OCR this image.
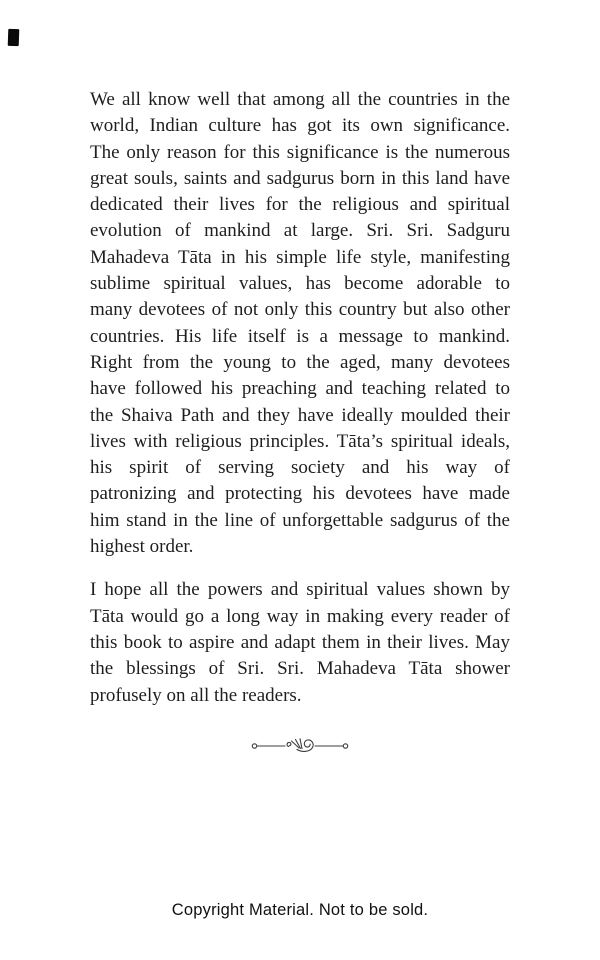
We all know well that among all the countries in the
world, Indian culture has got its own significance.
The only reason for this significance is the numerous
great souls, saints and sadgurus born in this land have
dedicated their lives for the religious and spiritual
evolution of mankind at large. Sri. Sri. Sadguru
Mahadeva Tāta in his simple life style, manifesting
sublime spiritual values, has become adorable to
many devotees of not only this country but also other
countries. His life itself is a message to mankind.
Right from the young to the aged, many devotees
have followed his preaching and teaching related to
the Shaiva Path and they have ideally moulded their
lives with religious principles. Tāta’s spiritual ideals,
his spirit of serving society and his way of
patronizing and protecting his devotees have made
him stand in the line of unforgettable sadgurus of the
highest order.
I hope all the powers and spiritual values shown by
Tāta would go a long way in making every reader of
this book to aspire and adapt them in their lives. May
the blessings of Sri. Sri. Mahadeva Tāta shower
profusely on all the readers.
Copyright Material. Not to be sold.
